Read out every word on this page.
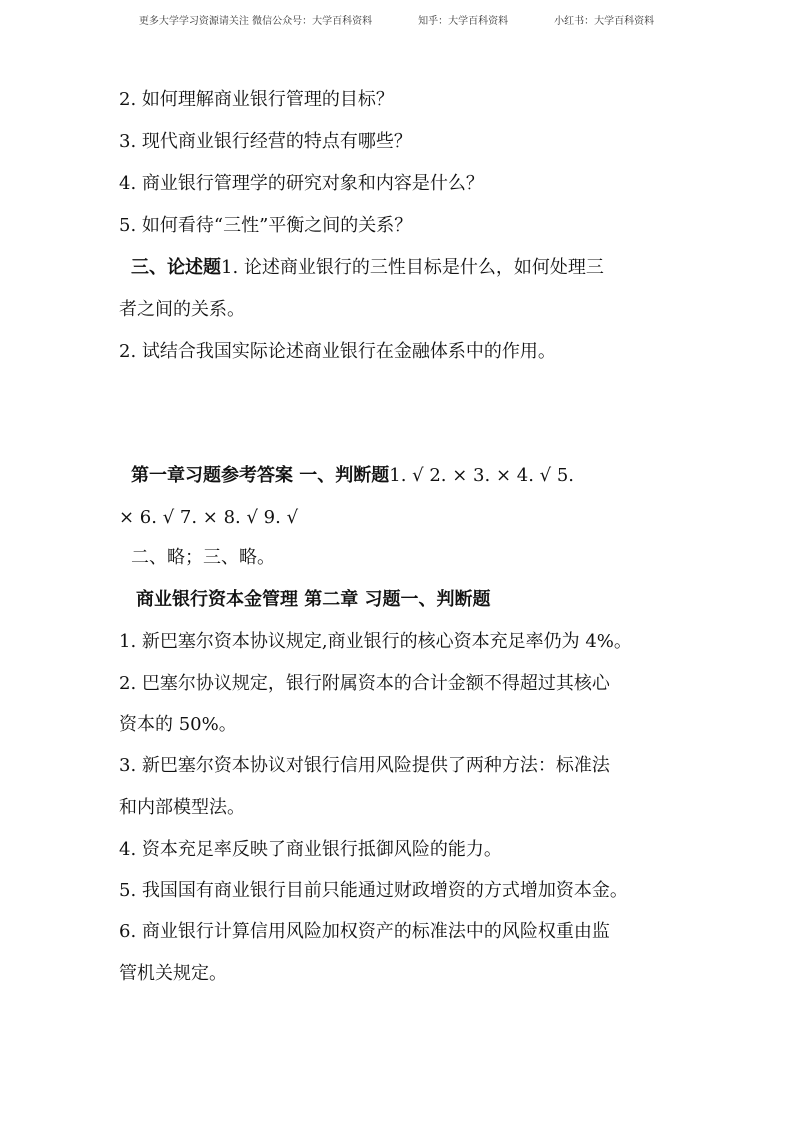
更多大学学习资源请关注 微信公众号：大学百科资料	知乎：大学百科资料	小红书：大学百科资料
2. 如何理解商业银行管理的目标？
3. 现代商业银行经营的特点有哪些？
4. 商业银行管理学的研究对象和内容是什么？
5. 如何看待“三性”平衡之间的关系？
三、论述题1. 论述商业银行的三性目标是什么，如何处理三
者之间的关系。
2. 试结合我国实际论述商业银行在金融体系中的作用。
第一章习题参考答案 一、判断题1. √ 2. × 3. × 4. √ 5.
× 6. √ 7. × 8. √ 9. √
二、略；三、略。
商业银行资本金管理 第二章 习题一、判断题
1. 新巴塞尔资本协议规定,商业银行的核心资本充足率仍为 4%。
2. 巴塞尔协议规定，银行附属资本的合计金额不得超过其核心
资本的 50%。
3. 新巴塞尔资本协议对银行信用风险提供了两种方法：标准法
和内部模型法。
4. 资本充足率反映了商业银行抵御风险的能力。
5. 我国国有商业银行目前只能通过财政增资的方式增加资本金。
6. 商业银行计算信用风险加权资产的标准法中的风险权重由监
管机关规定。
